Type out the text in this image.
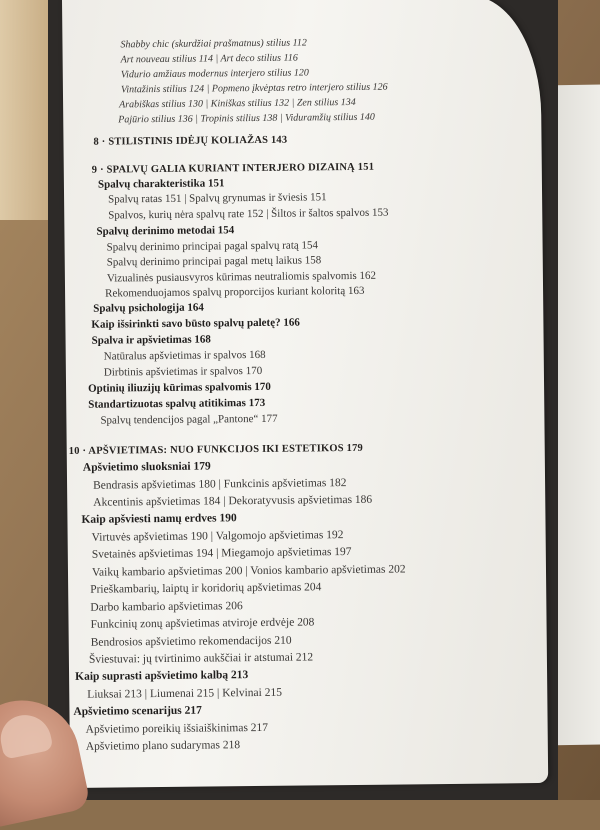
Shabby chic (skurdžiai prašmatnus) stilius 112
Art nouveau stilius 114 | Art deco stilius 116
Vidurio amžiaus modernus interjero stilius 120
Vintažinis stilius 124 | Popmeno įkvėptas retro interjero stilius 126
Arabiškas stilius 130 | Kiniškas stilius 132 | Zen stilius 134
Pajūrio stilius 136 | Tropinis stilius 138 | Viduramžių stilius 140
8 · STILISTINIS IDĖJŲ KOLIAŽAS 143
9 · SPALVŲ GALIA KURIANT INTERJERO DIZAINĄ 151
Spalvų charakteristika 151
Spalvų ratas 151 | Spalvų grynumas ir šviesis 151
Spalvos, kurių nėra spalvų rate 152 | Šiltos ir šaltos spalvos 153
Spalvų derinimo metodai 154
Spalvų derinimo principai pagal spalvų ratą 154
Spalvų derinimo principai pagal metų laikus 158
Vizualinės pusiausvyros kūrimas neutraliomis spalvomis 162
Rekomenduojamos spalvų proporcijos kuriant koloritą 163
Spalvų psichologija 164
Kaip išsirinkti savo būsto spalvų paletę? 166
Spalva ir apšvietimas 168
Natūralus apšvietimas ir spalvos 168
Dirbtinis apšvietimas ir spalvos 170
Optinių iliuzijų kūrimas spalvomis 170
Standartizuotas spalvų atitikimas 173
Spalvų tendencijos pagal „Pantone“ 177
10 · APŠVIETIMAS: NUO FUNKCIJOS IKI ESTETIKOS 179
Apšvietimo sluoksniai 179
Bendrasis apšvietimas 180 | Funkcinis apšvietimas 182
Akcentinis apšvietimas 184 | Dekoratyvusis apšvietimas 186
Kaip apšviesti namų erdves 190
Virtuvės apšvietimas 190 | Valgomojo apšvietimas 192
Svetainės apšvietimas 194 | Miegamojo apšvietimas 197
Vaikų kambario apšvietimas 200 | Vonios kambario apšvietimas 202
Prieškambarių, laiptų ir koridorių apšvietimas 204
Darbo kambario apšvietimas 206
Funkcinių zonų apšvietimas atviroje erdvėje 208
Bendrosios apšvietimo rekomendacijos 210
Šviestuvai: jų tvirtinimo aukščiai ir atstumai 212
Kaip suprasti apšvietimo kalbą 213
Liuksai 213 | Liumenai 215 | Kelvinai 215
Apšvietimo scenarijus 217
Apšvietimo poreikių išsiaiškinimas 217
Apšvietimo plano sudarymas 218
